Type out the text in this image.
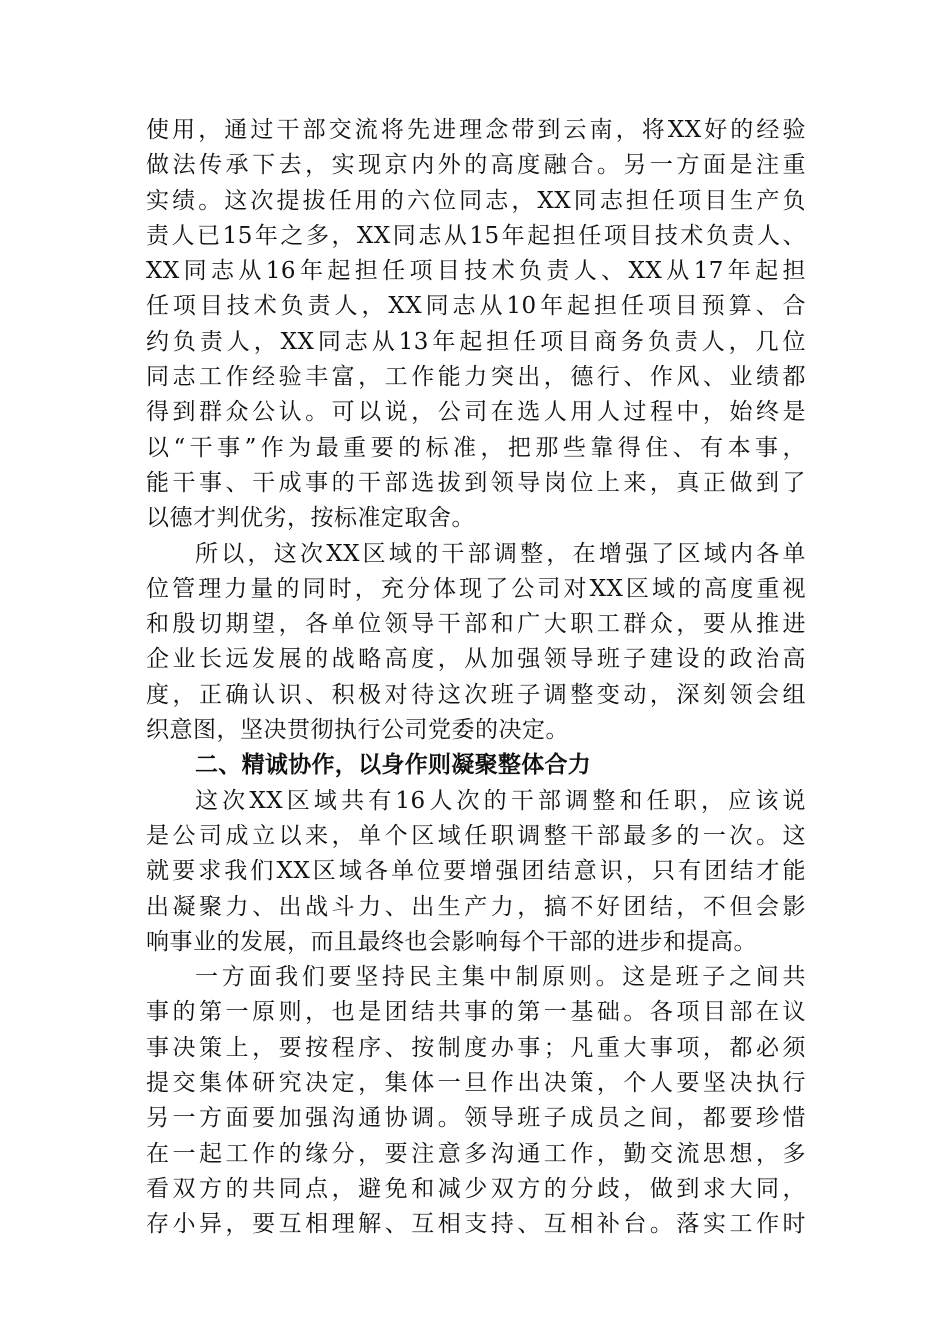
使用，通过干部交流将先进理念带到云南，将XX好的经验
做法传承下去，实现京内外的高度融合。另一方面是注重
实绩。这次提拔任用的六位同志，XX同志担任项目生产负
责人已15年之多，XX同志从15年起担任项目技术负责人、
XX同志从16年起担任项目技术负责人、XX从17年起担
任项目技术负责人，XX同志从10年起担任项目预算、合
约负责人，XX同志从13年起担任项目商务负责人，几位
同志工作经验丰富，工作能力突出，德行、作风、业绩都
得到群众公认。可以说，公司在选人用人过程中，始终是
以“干事”作为最重要的标准，把那些靠得住、有本事，
能干事、干成事的干部选拔到领导岗位上来，真正做到了
以德才判优劣，按标准定取舍。
所以，这次XX区域的干部调整，在增强了区域内各单
位管理力量的同时，充分体现了公司对XX区域的高度重视
和殷切期望，各单位领导干部和广大职工群众，要从推进
企业长远发展的战略高度，从加强领导班子建设的政治高
度，正确认识、积极对待这次班子调整变动，深刻领会组
织意图，坚决贯彻执行公司党委的决定。
二、精诚协作，以身作则凝聚整体合力
这次XX区域共有16人次的干部调整和任职，应该说
是公司成立以来，单个区域任职调整干部最多的一次。这
就要求我们XX区域各单位要增强团结意识，只有团结才能
出凝聚力、出战斗力、出生产力，搞不好团结，不但会影
响事业的发展，而且最终也会影响每个干部的进步和提高。
一方面我们要坚持民主集中制原则。这是班子之间共
事的第一原则，也是团结共事的第一基础。各项目部在议
事决策上，要按程序、按制度办事；凡重大事项，都必须
提交集体研究决定，集体一旦作出决策，个人要坚决执行
另一方面要加强沟通协调。领导班子成员之间，都要珍惜
在一起工作的缘分，要注意多沟通工作，勤交流思想，多
看双方的共同点，避免和减少双方的分歧，做到求大同，
存小异，要互相理解、互相支持、互相补台。落实工作时
